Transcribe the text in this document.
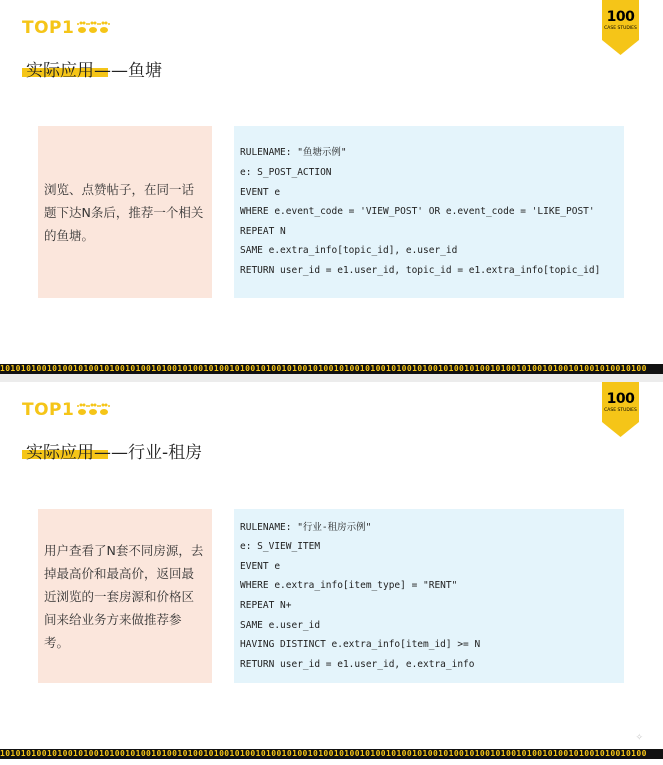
TOP1
100
CASE STUDIES
实际应用——鱼塘
浏览、点赞帖子，在同一话题下达N条后，推荐一个相关的鱼塘。
RULENAME: "鱼塘示例"
e: S_POST_ACTION
EVENT e
WHERE e.event_code = 'VIEW_POST' OR e.event_code = 'LIKE_POST'
REPEAT N
SAME e.extra_info[topic_id], e.user_id
RETURN user_id = e1.user_id, topic_id = e1.extra_info[topic_id]
1010101001010010100101001010010100101001010010100101001010010100101001010010100101001010010100101001010010100101001010010100
TOP1
100
CASE STUDIES
实际应用——行业-租房
用户查看了N套不同房源，去掉最高价和最高价，返回最近浏览的一套房源和价格区间来给业务方来做推荐参考。
RULENAME: "行业-租房示例"
e: S_VIEW_ITEM
EVENT e
WHERE e.extra_info[item_type] = "RENT"
REPEAT N+
SAME e.user_id
HAVING DISTINCT e.extra_info[item_id] >= N
RETURN user_id = e1.user_id, e.extra_info
✧
1010101001010010100101001010010100101001010010100101001010010100101001010010100101001010010100101001010010100101001010010100
